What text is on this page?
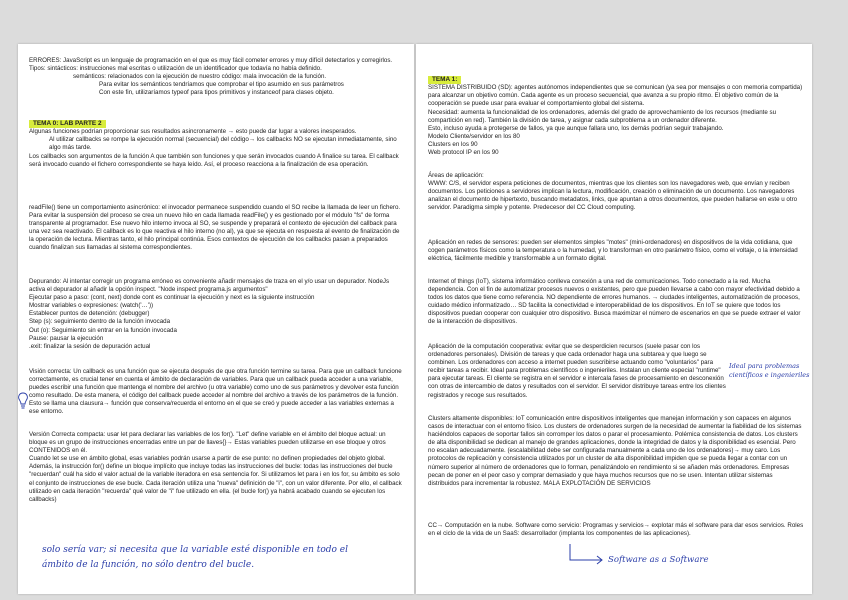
ERRORES: JavaScript es un lenguaje de programación en el que es muy fácil cometer errores y muy difícil detectarlos y corregirlos.

Tipos: sintácticos: instrucciones mal escritas o utilización de un identificador que todavía no había definido.

semánticos: relacionados con la ejecución de nuestro código: mala invocación de la función.

Para evitar los semánticos tendríamos que comprobar el tipo asumido en sus parámetros

Con este fin, utilizaríamos typeof para tipos primitivos y instanceof para clases objeto.

TEMA 0: LAB PARTE 2

Algunas funciones podrían proporcionar sus resultados asincronamente → esto puede dar lugar a valores inesperados.

Al utilizar callbacks se rompe la ejecución normal (secuencial) del código→ los callbacks NO se ejecutan inmediatamente, sino algo más tarde.

Los callbacks son argumentos de la función A que también son funciones y que serán invocados cuando A finalice su tarea. El callback será invocado cuando el fichero correspondiente se haya leído. Así, el proceso reacciona a la finalización de esa operación.

readFile() tiene un comportamiento asincrónico: el invocador permanece suspendido cuando el SO recibe la llamada de leer un fichero. Para evitar la suspensión del proceso se crea un nuevo hilo en cada llamada readFile() y es gestionado por el módulo "fs" de forma transparente al programador. Ese nuevo hilo interno invoca al SO, se suspende y preparará el contexto de ejecución del callback para una vez sea reactivado. El callback es lo que reactiva el hilo interno (no al), ya que se ejecuta en respuesta al evento de finalización de la operación de lectura. Mientras tanto, el hilo principal continúa. Esos contextos de ejecución de los callbacks pasan a preparados cuando finalizan sus llamadas al sistema correspondientes.

Depurando: Al intentar corregir un programa erróneo es conveniente añadir mensajes de traza en el y/o usar un depurador. NodeJs activa el depurador al añadir la opción inspect. "Node inspect programa.js argumentos"

Ejecutar paso a paso: (cont, next) donde cont es continuar la ejecución y next es la siguiente instrucción

Mostrar variables o expresiones: (watch('…'))

Establecer puntos de detención: (debugger)

Step (s): seguimiento dentro de la función invocada

Out (o): Seguimiento sin entrar en la función invocada

Pause: pausar la ejecución

.exit: finalizar la sesión de depuración actual

Visión correcta: Un callback es una función que se ejecuta después de que otra función termine su tarea. Para que un callback funcione correctamente, es crucial tener en cuenta el ámbito de declaración de variables. Para que un callback pueda acceder a una variable, puedes escribir una función que mantenga el nombre del archivo (u otra variable) como uno de sus parámetros y devolver esta función como resultado. De esta manera, el código del callback puede acceder al nombre del archivo a través de los parámetros de la función. Esto se llama una clausura→ función que conserva/recuerda el entorno en el que se creó y puede acceder a las variables externas a ese entorno.

Versión Correcta compacta: usar let para declarar las variables de los for(). "Let" define variable en el ámbito del bloque actual: un bloque es un grupo de instrucciones encerradas entre un par de llaves{}→ Estas variables pueden utilizarse en ese bloque y otros CONTENIDOS en él.

Cuando let se use en ámbito global, esas variables podrán usarse a partir de ese punto: no definen propiedades del objeto global.

Además, la instrucción for() define un bloque implícito que incluye todas las instrucciones del bucle: todas las instrucciones del bucle "recuerdan" cuál ha sido el valor actual de la variable iteradora en esa sentencia for. Si utilizamos let para i en los for, su ámbito es solo el conjunto de instrucciones de ese bucle. Cada iteración utiliza una "nueva" definición de "i", con un valor diferente. Por ello, el callback utilizado en cada iteración "recuerda" qué valor de "i" fue utilizado en ella. (el bucle for() ya habrá acabado cuando se ejecuten los callbacks)

solo sería var; si necesita que la variable esté disponible en todo el
ámbito de la función, no sólo dentro del bucle.

TEMA 1:

SISTEMA DISTRIBUIDO (SD): agentes autónomos independientes que se comunican (ya sea por mensajes o con memoria compartida) para alcanzar un objetivo común. Cada agente es un proceso secuencial, que avanza a su propio ritmo. El objetivo común de la cooperación se puede usar para evaluar el comportamiento global del sistema.

Necesidad: aumenta la funcionalidad de los ordenadores, además del grado de aprovechamiento de los recursos (mediante su compartición en red). También la división de tarea, y asignar cada subproblema a un ordenador diferente.

Esto, incluso ayuda a protegerse de fallos, ya que aunque fallara uno, los demás podrían seguir trabajando.

Modelo Cliente/servidor en los 80

Clusters en los 90

Web protocol IP en los 90

Áreas de aplicación:

WWW: C/S, el servidor espera peticiones de documentos, mientras que los clientes son los navegadores web, que envían y reciben documentos. Los peticiones a servidores implican la lectura, modificación, creación o eliminación de un documento. Los navegadores analizan el documento de hipertexto, buscando metadatos, links, que apuntan a otros documentos, que pueden hallarse en este u otro servidor. Paradigma simple y potente. Predecesor del CC Cloud computing.

Aplicación en redes de sensores: pueden ser elementos simples "motes" (mini-ordenadores) en dispositivos de la vida cotidiana, que cogen parámetros físicos como la temperatura o la humedad, y lo transforman en otro parámetro físico, como el voltaje, o la intensidad eléctrica, fácilmente medible y transformable a un formato digital.

Internet of things (IoT), sistema informático conlleva conexión a una red de comunicaciones. Todo conectado a la red. Mucha dependencia. Con el fin de automatizar procesos nuevos o existentes, pero que pueden llevarse a cabo con mayor efectividad debido a todos los datos que tiene como referencia. NO dependiente de errores humanos. → ciudades inteligentes, automatización de procesos, cuidado médico informatizado… SD facilita la conectividad e interoperabilidad de los dispositivos. En IoT se quiere que todos los dispositivos puedan cooperar con cualquier otro dispositivo. Busca maximizar el número de escenarios en que se puede extraer el valor de la interacción de dispositivos.

Aplicación de la computación cooperativa: evitar que se desperdicien recursos (suele pasar con los ordenadores personales). División de tareas y que cada ordenador haga una subtarea y que luego se combinen. Los ordenadores con acceso a internet pueden suscribirse actuando como "voluntarios" para recibir tareas a recibir. Ideal para problemas científicos o ingenieriles. Instalan un cliente especial "runtime" para ejecutar tareas. El cliente se registra en el servidor e intercala fases de procesamiento en desconexión con otras de intercambio de datos y resultados con el servidor. El servidor distribuye tareas entre los clientes registrados y recoge sus resultados.

Ideal para problemas
científicos e ingenieriles

Clusters altamente disponibles: IoT comunicación entre dispositivos inteligentes que manejan información y son capaces en algunos casos de interactuar con el entorno físico. Los clusters de ordenadores surgen de la necesidad de aumentar la fiabilidad de los sistemas haciéndolos capaces de soportar fallos sin corromper los datos o parar el procesamiento. Polémica consistencia de datos. Los clusters de alta disponibilidad se dedican al manejo de grandes aplicaciones, donde la integridad de datos y la disponibilidad es esencial. Pero no escalan adecuadamente. (escalabilidad debe ser configurada manualmente a cada uno de los ordenadores)→ muy caro. Los protocolos de replicación y consistencia utilizados por un cluster de alta disponibilidad impiden que se pueda llegar a contar con un número superior al número de ordenadores que lo forman, penalizándolo en rendimiento si se añaden más ordenadores. Empresas pecan de poner en el peor caso y comprar demasiado y que haya muchos recursos que no se usen. Intentan utilizar sistemas distribuidos para incrementar la robustez. MALA EXPLOTACIÓN DE SERVICIOS

CC→ Computación en la nube. Software como servicio: Programas y servicios→ explotar más el software para dar esos servicios. Roles en el ciclo de la vida de un SaaS: desarrollador (implanta los componentes de las aplicaciones).

Software as a Software
